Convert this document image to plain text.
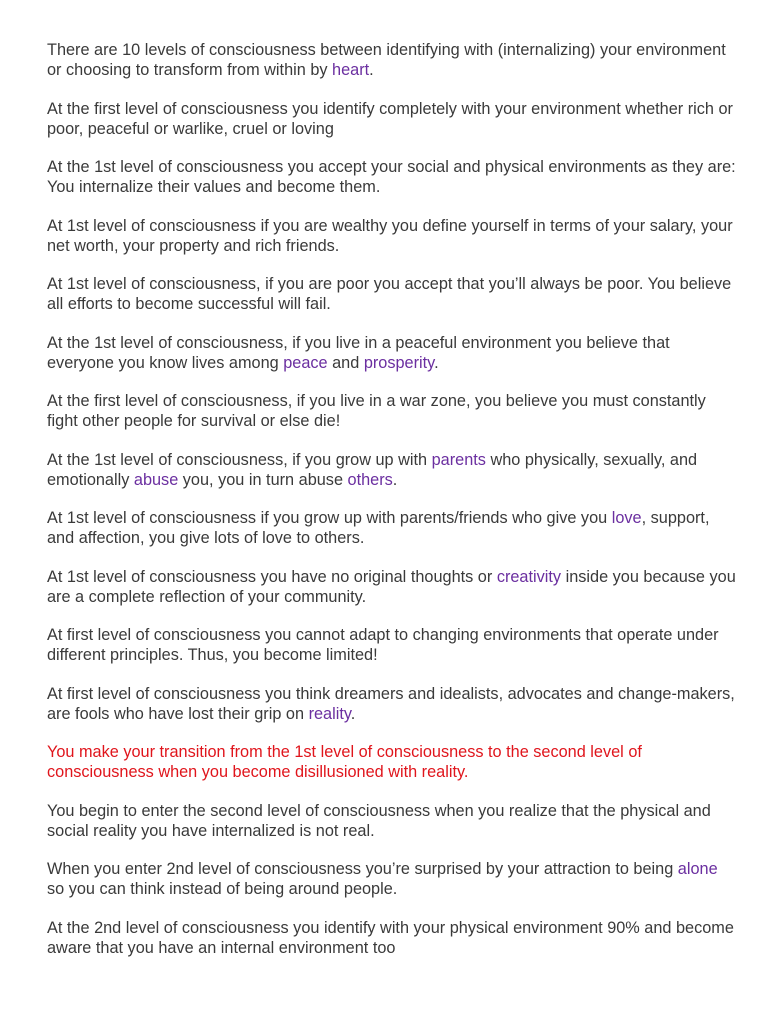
There are 10 levels of consciousness between identifying with (internalizing) your environment or choosing to transform from within by heart.

At the first level of consciousness you identify completely with your environment whether rich or poor, peaceful or warlike, cruel or loving

At the 1st level of consciousness you accept your social and physical environments as they are: You internalize their values and become them.

At 1st level of consciousness if you are wealthy you define yourself in terms of your salary, your net worth, your property and rich friends.

At 1st level of consciousness, if you are poor you accept that you’ll always be poor. You believe all efforts to become successful will fail.

At the 1st level of consciousness, if you live in a peaceful environment you believe that everyone you know lives among peace and prosperity.

At the first level of consciousness, if you live in a war zone, you believe you must constantly fight other people for survival or else die!

At the 1st level of consciousness, if you grow up with parents who physically, sexually, and emotionally abuse you, you in turn abuse others.

At 1st level of consciousness if you grow up with parents/friends who give you love, support, and affection, you give lots of love to others.

At 1st level of consciousness you have no original thoughts or creativity inside you because you are a complete reflection of your community.

At first level of consciousness you cannot adapt to changing environments that operate under different principles. Thus, you become limited!

At first level of consciousness you think dreamers and idealists, advocates and change-makers, are fools who have lost their grip on reality.

You make your transition from the 1st level of consciousness to the second level of consciousness when you become disillusioned with reality.

You begin to enter the second level of consciousness when you realize that the physical and social reality you have internalized is not real.

When you enter 2nd level of consciousness you’re surprised by your attraction to being alone so you can think instead of being around people.

At the 2nd level of consciousness you identify with your physical environment 90% and become aware that you have an internal environment too
